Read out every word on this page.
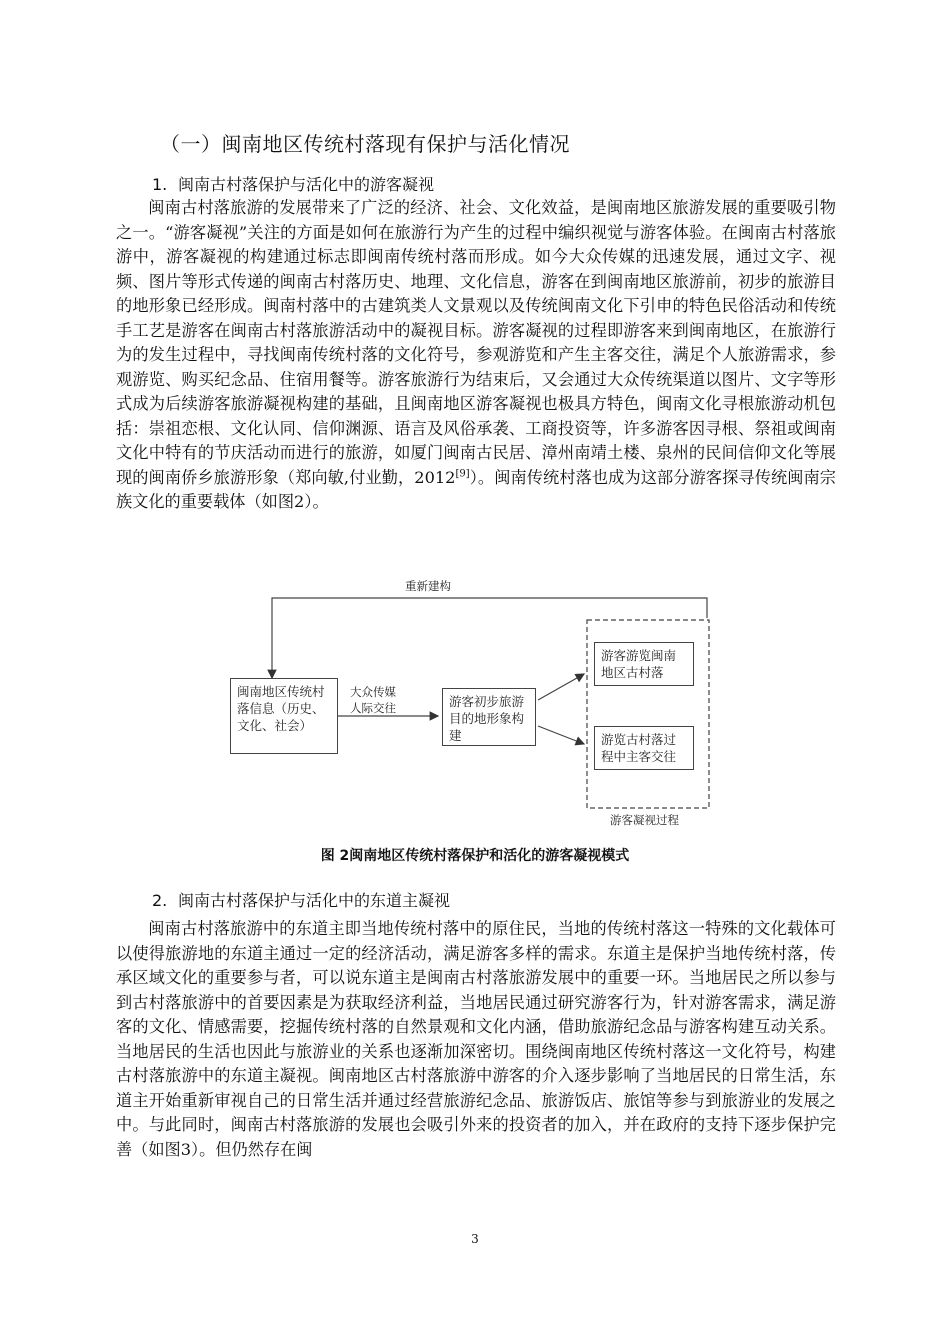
（一）闽南地区传统村落现有保护与活化情况
1. 闽南古村落保护与活化中的游客凝视

闽南古村落旅游的发展带来了广泛的经济、社会、文化效益，是闽南地区旅游发展的重要吸引物之一。“游客凝视”关注的方面是如何在旅游行为产生的过程中编织视觉与游客体验。在闽南古村落旅游中，游客凝视的构建通过标志即闽南传统村落而形成。如今大众传媒的迅速发展，通过文字、视频、图片等形式传递的闽南古村落历史、地理、文化信息，游客在到闽南地区旅游前，初步的旅游目的地形象已经形成。闽南村落中的古建筑类人文景观以及传统闽南文化下引申的特色民俗活动和传统手工艺是游客在闽南古村落旅游活动中的凝视目标。游客凝视的过程即游客来到闽南地区，在旅游行为的发生过程中，寻找闽南传统村落的文化符号，参观游览和产生主客交往，满足个人旅游需求，参观游览、购买纪念品、住宿用餐等。游客旅游行为结束后，又会通过大众传统渠道以图片、文字等形式成为后续游客旅游凝视构建的基础，且闽南地区游客凝视也极具方特色，闽南文化寻根旅游动机包括：崇祖恋根、文化认同、信仰渊源、语言及风俗承袭、工商投资等，许多游客因寻根、祭祖或闽南文化中特有的节庆活动而进行的旅游，如厦门闽南古民居、漳州南靖土楼、泉州的民间信仰文化等展现的闽南侨乡旅游形象（郑向敏,付业勤，2012[9]）。闽南传统村落也成为这部分游客探寻传统闽南宗族文化的重要载体（如图2）。

重新建构
闽南地区传统村落信息（历史、文化、社会）
大众传媒
人际交往	游客初步旅游目的地形象构建
游客游览闽南地区古村落
游览古村落过程中主客交往
游客凝视过程
图 2闽南地区传统村落保护和活化的游客凝视模式
2. 闽南古村落保护与活化中的东道主凝视

闽南古村落旅游中的东道主即当地传统村落中的原住民，当地的传统村落这一特殊的文化载体可以使得旅游地的东道主通过一定的经济活动，满足游客多样的需求。东道主是保护当地传统村落，传承区域文化的重要参与者，可以说东道主是闽南古村落旅游发展中的重要一环。当地居民之所以参与到古村落旅游中的首要因素是为获取经济利益，当地居民通过研究游客行为，针对游客需求，满足游客的文化、情感需要，挖掘传统村落的自然景观和文化内涵，借助旅游纪念品与游客构建互动关系。当地居民的生活也因此与旅游业的关系也逐渐加深密切。围绕闽南地区传统村落这一文化符号，构建古村落旅游中的东道主凝视。闽南地区古村落旅游中游客的介入逐步影响了当地居民的日常生活，东道主开始重新审视自己的日常生活并通过经营旅游纪念品、旅游饭店、旅馆等参与到旅游业的发展之中。与此同时，闽南古村落旅游的发展也会吸引外来的投资者的加入，并在政府的支持下逐步保护完善（如图3）。但仍然存在闽

3
